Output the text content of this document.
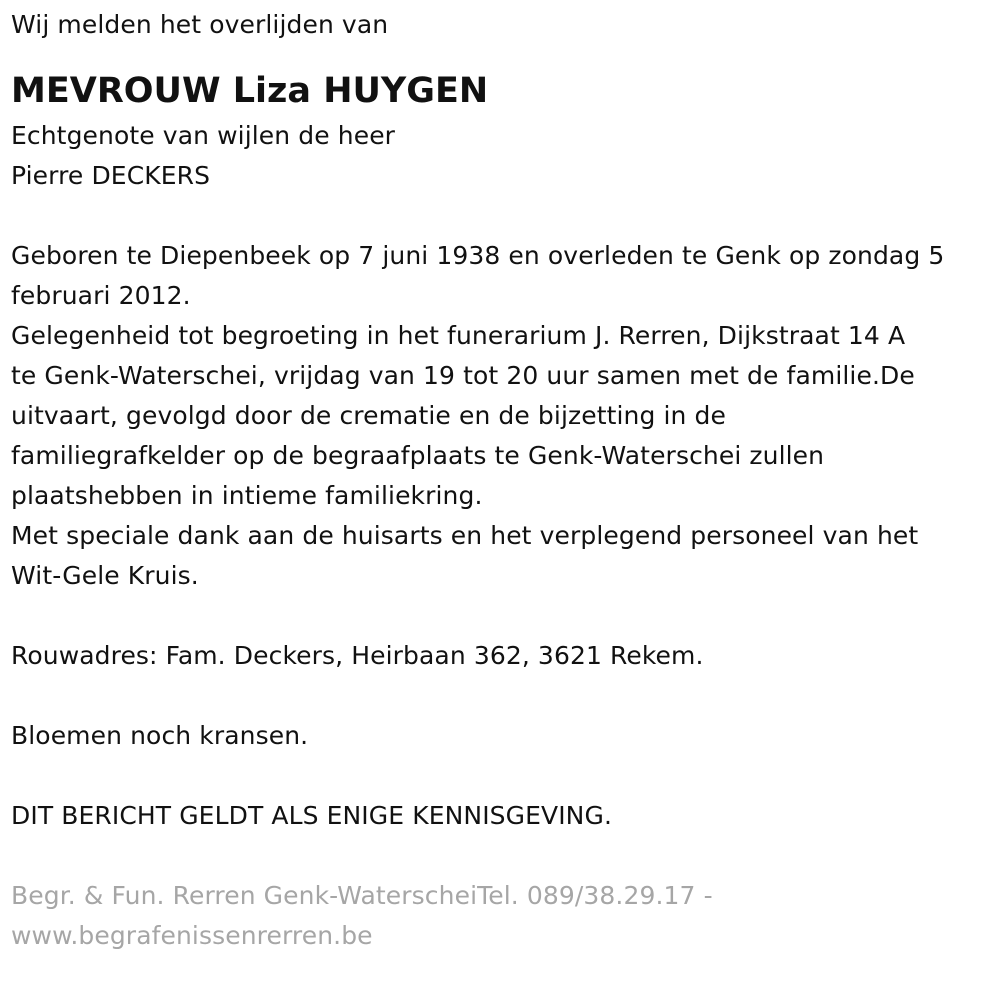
Wij melden het overlijden van
MEVROUW Liza HUYGEN
Echtgenote van wijlen de heer
Pierre DECKERS
Geboren te Diepenbeek op 7 juni 1938 en overleden te Genk op zondag 5
februari 2012.
Gelegenheid tot begroeting in het funerarium J. Rerren, Dijkstraat 14 A
te Genk-Waterschei, vrijdag van 19 tot 20 uur samen met de familie.De
uitvaart, gevolgd door de crematie en de bijzetting in de
familiegrafkelder op de begraafplaats te Genk-Waterschei zullen
plaatshebben in intieme familiekring.
Met speciale dank aan de huisarts en het verplegend personeel van het
Wit-Gele Kruis.
Rouwadres: Fam. Deckers, Heirbaan 362, 3621 Rekem.
Bloemen noch kransen.
DIT BERICHT GELDT ALS ENIGE KENNISGEVING.
Begr. & Fun. Rerren Genk-WaterscheiTel. 089/38.29.17 -
www.begrafenissenrerren.be
